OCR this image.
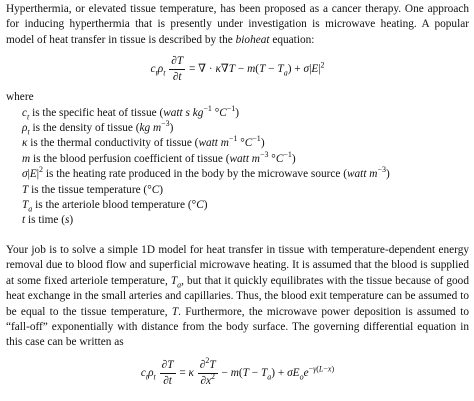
Hyperthermia, or elevated tissue temperature, has been proposed as a cancer therapy. One approach for inducing hyperthermia that is presently under investigation is microwave heating. A popular model of heat transfer in tissue is described by the bioheat equation:

$c_t\rho_t \frac{\partial T}{\partial t}$ = ∇ · $\kappa\nabla T - m(T - T_a) + \sigma|E|^2$
where
$c_t$ is the specific heat of tissue (watt s $kg^{-1}$ $^\circ C^{-1}$)
$\rho_t$ is the density of tissue (kg $m^{-3}$)
κ is the thermal conductivity of tissue (watt $m^{-1}$ $^\circ C^{-1}$)
m is the blood perfusion coefficient of tissue (watt $m^{-3}$ $^\circ C^{-1}$)
$\sigma|E|^2$ is the heating rate produced in the body by the microwave source (watt $m^{-3}$)
T is the tissue temperature (°C)
$T_a$ is the arteriole blood temperature (°C)
t is time (s)

Your job is to solve a simple 1D model for heat transfer in tissue with temperature-dependent energy removal due to blood flow and superficial microwave heating. It is assumed that the blood is supplied at some fixed arteriole temperature, $T_a$, but that it quickly equilibrates with the tissue because of good heat exchange in the small arteries and capillaries. Thus, the blood exit temperature can be assumed to be equal to the tissue temperature, T. Furthermore, the microwave power deposition is assumed to “fall-off” exponentially with distance from the body surface. The governing differential equation in this case can be written as

$c_t\rho_t \frac{\partial T}{\partial t} = \kappa \frac{\partial^2T}{\partial x^2} - m(T - T_a) + \sigma E_oe^{-\gamma(L-x)}$
